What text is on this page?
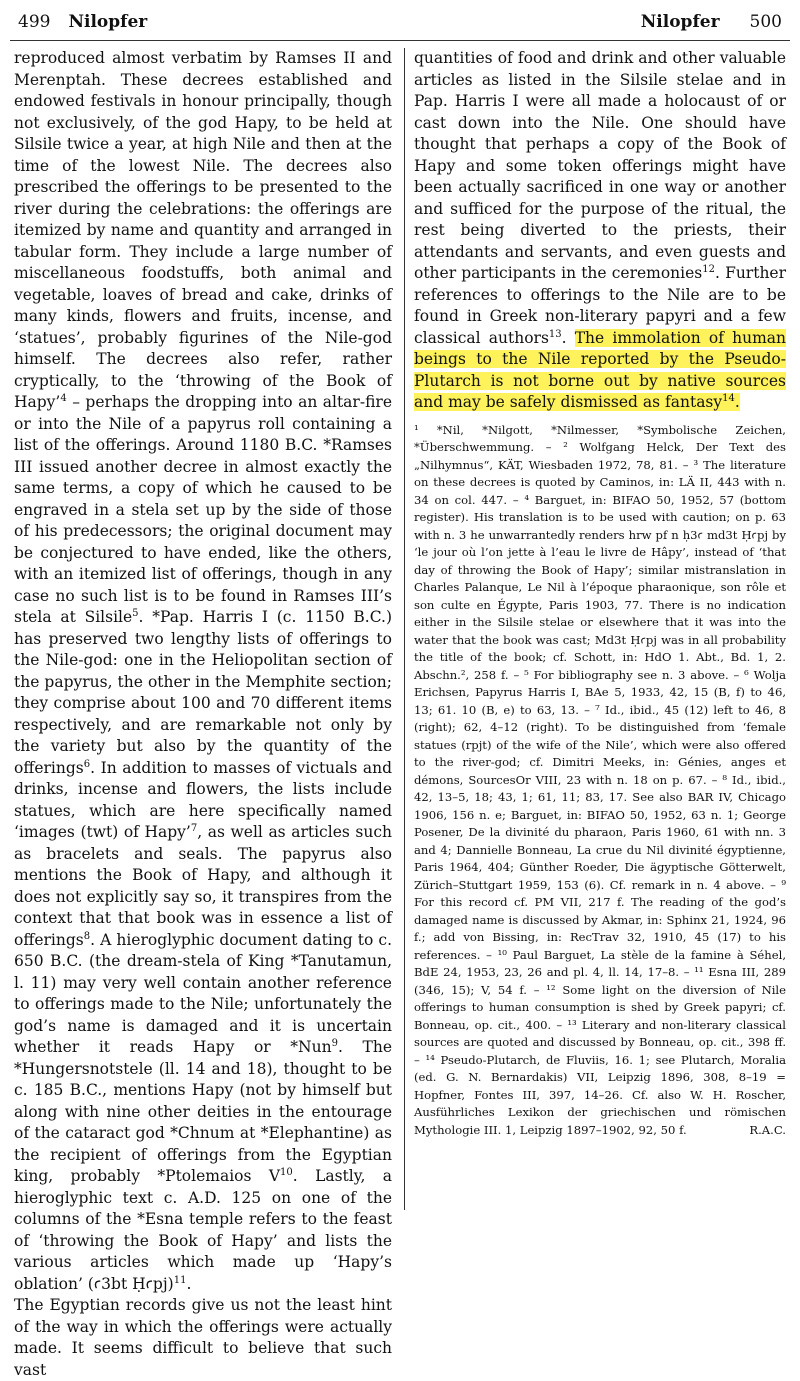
499 Nilopfer	Nilopfer 500

reproduced almost verbatim by Ramses II and Merenptah. These decrees established and endowed festivals in honour principally, though not exclusively, of the god Hapy, to be held at Silsile twice a year, at high Nile and then at the time of the lowest Nile. The decrees also prescribed the offerings to be presented to the river during the celebrations: the offerings are itemized by name and quantity and arranged in tabular form. They include a large number of miscellaneous foodstuffs, both animal and vegetable, loaves of bread and cake, drinks of many kinds, flowers and fruits, incense, and ‘statues’, probably figurines of the Nile-god himself. The decrees also refer, rather cryptically, to the ‘throwing of the Book of Hapy’$^4$ – perhaps the dropping into an altar-fire or into the Nile of a papyrus roll containing a list of the offerings. Around 1180 B.C. *Ramses III issued another decree in almost exactly the same terms, a copy of which he caused to be engraved in a stela set up by the side of those of his predecessors; the original document may be conjectured to have ended, like the others, with an itemized list of offerings, though in any case no such list is to be found in Ramses III’s stela at Silsile$^5$. *Pap. Harris I (c. 1150 B.C.) has preserved two lengthy lists of offerings to the Nile-god: one in the Heliopolitan section of the papyrus, the other in the Memphite section; they comprise about 100 and 70 different items respectively, and are remarkable not only by the variety but also by the quantity of the offerings$^6$. In addition to masses of victuals and drinks, incense and flowers, the lists include statues, which are here specifically named ‘images (twt) of Hapy’$^7$, as well as articles such as bracelets and seals. The papyrus also mentions the Book of Hapy, and although it does not explicitly say so, it transpires from the context that that book was in essence a list of offerings$^8$. A hieroglyphic document dating to c. 650 B.C. (the dream-stela of King *Tanutamun, l. 11) may very well contain another reference to offerings made to the Nile; unfortunately the god’s name is damaged and it is uncertain whether it reads Hapy or *Nun$^9$. The *Hungersnotstele (ll. 14 and 18), thought to be c. 185 B.C., mentions Hapy (not by himself but along with nine other deities in the entourage of the cataract god *Chnum at *Elephantine) as the recipient of offerings from the Egyptian king, probably *Ptolemaios $V^{10}$. Lastly, a hieroglyphic text c. A.D. 125 on one of the columns of the *Esna temple refers to the feast of ‘throwing the Book of Hapy’ and lists the various articles which made up ‘Hapy’s oblation’ (ꜥ3bt Ḥꜥpj)$^{11}$.

The Egyptian records give us not the least hint of the way in which the offerings were actually made. It seems difficult to believe that such vast

quantities of food and drink and other valuable articles as listed in the Silsile stelae and in Pap. Harris I were all made a holocaust of or cast down into the Nile. One should have thought that perhaps a copy of the Book of Hapy and some token offerings might have been actually sacrificed in one way or another and sufficed for the purpose of the ritual, the rest being diverted to the priests, their attendants and servants, and even guests and other participants in the ceremonies$^{12}$. Further references to offerings to the Nile are to be found in Greek non-literary papyri and a few classical authors$^{13}$. The immolation of human beings to the Nile reported by the Pseudo-Plutarch is not borne out by native sources and may be safely dismissed as fantasy$^{14}$.

¹ *Nil, *Nilgott, *Nilmesser, *Symbolische Zeichen, *Überschwemmung. – ² Wolfgang Helck, Der Text des „Nilhymnus“, KÄT, Wiesbaden 1972, 78, 81. – ³ The literature on these decrees is quoted by Caminos, in: LÄ II, 443 with n. 34 on col. 447. – ⁴ Barguet, in: BIFAO 50, 1952, 57 (bottom register). His translation is to be used with caution; on p. 63 with n. 3 he unwarrantedly renders hrw pf n ḥ3ꜥ md3t Ḥꜥpj by ‘le jour où l’on jette à l’eau le livre de Hâpy’, instead of ‘that day of throwing the Book of Hapy’; similar mistranslation in Charles Palanque, Le Nil à l’époque pharaonique, son rôle et son culte en Égypte, Paris 1903, 77. There is no indication either in the Silsile stelae or elsewhere that it was into the water that the book was cast; Md3t Ḥꜥpj was in all probability the title of the book; cf. Schott, in: HdO 1. Abt., Bd. 1, 2. Abschn.², 258 f. – ⁵ For bibliography see n. 3 above. – ⁶ Wolja Erichsen, Papyrus Harris I, BAe 5, 1933, 42, 15 (B, f) to 46, 13; 61. 10 (B, e) to 63, 13. – ⁷ Id., ibid., 45 (12) left to 46, 8 (right); 62, 4–12 (right). To be distinguished from ‘female statues (rpjt) of the wife of the Nile’, which were also offered to the river-god; cf. Dimitri Meeks, in: Génies, anges et démons, SourcesOr VIII, 23 with n. 18 on p. 67. – ⁸ Id., ibid., 42, 13–5, 18; 43, 1; 61, 11; 83, 17. See also BAR IV, Chicago 1906, 156 n. e; Barguet, in: BIFAO 50, 1952, 63 n. 1; George Posener, De la divinité du pharaon, Paris 1960, 61 with nn. 3 and 4; Dannielle Bonneau, La crue du Nil divinité égyptienne, Paris 1964, 404; Günther Roeder, Die ägyptische Götterwelt, Zürich–Stuttgart 1959, 153 (6). Cf. remark in n. 4 above. – ⁹ For this record cf. PM VII, 217 f. The reading of the god’s damaged name is discussed by Akmar, in: Sphinx 21, 1924, 96 f.; add von Bissing, in: RecTrav 32, 1910, 45 (17) to his references. – ¹⁰ Paul Barguet, La stèle de la famine à Séhel, BdE 24, 1953, 23, 26 and pl. 4, ll. 14, 17–8. – ¹¹ Esna III, 289 (346, 15); V, 54 f. – ¹² Some light on the diversion of Nile offerings to human consumption is shed by Greek papyri; cf. Bonneau, op. cit., 400. – ¹³ Literary and non-literary classical sources are quoted and discussed by Bonneau, op. cit., 398 ff. – ¹⁴ Pseudo-Plutarch, de Fluviis, 16. 1; see Plutarch, Moralia (ed. G. N. Bernardakis) VII, Leipzig 1896, 308, 8–19 = Hopfner, Fontes III, 397, 14–26. Cf. also W. H. Roscher, Ausführliches Lexikon der griechischen und römischen Mythologie III. 1, Leipzig 1897–1902, 92, 50 f.	R.A.C.
